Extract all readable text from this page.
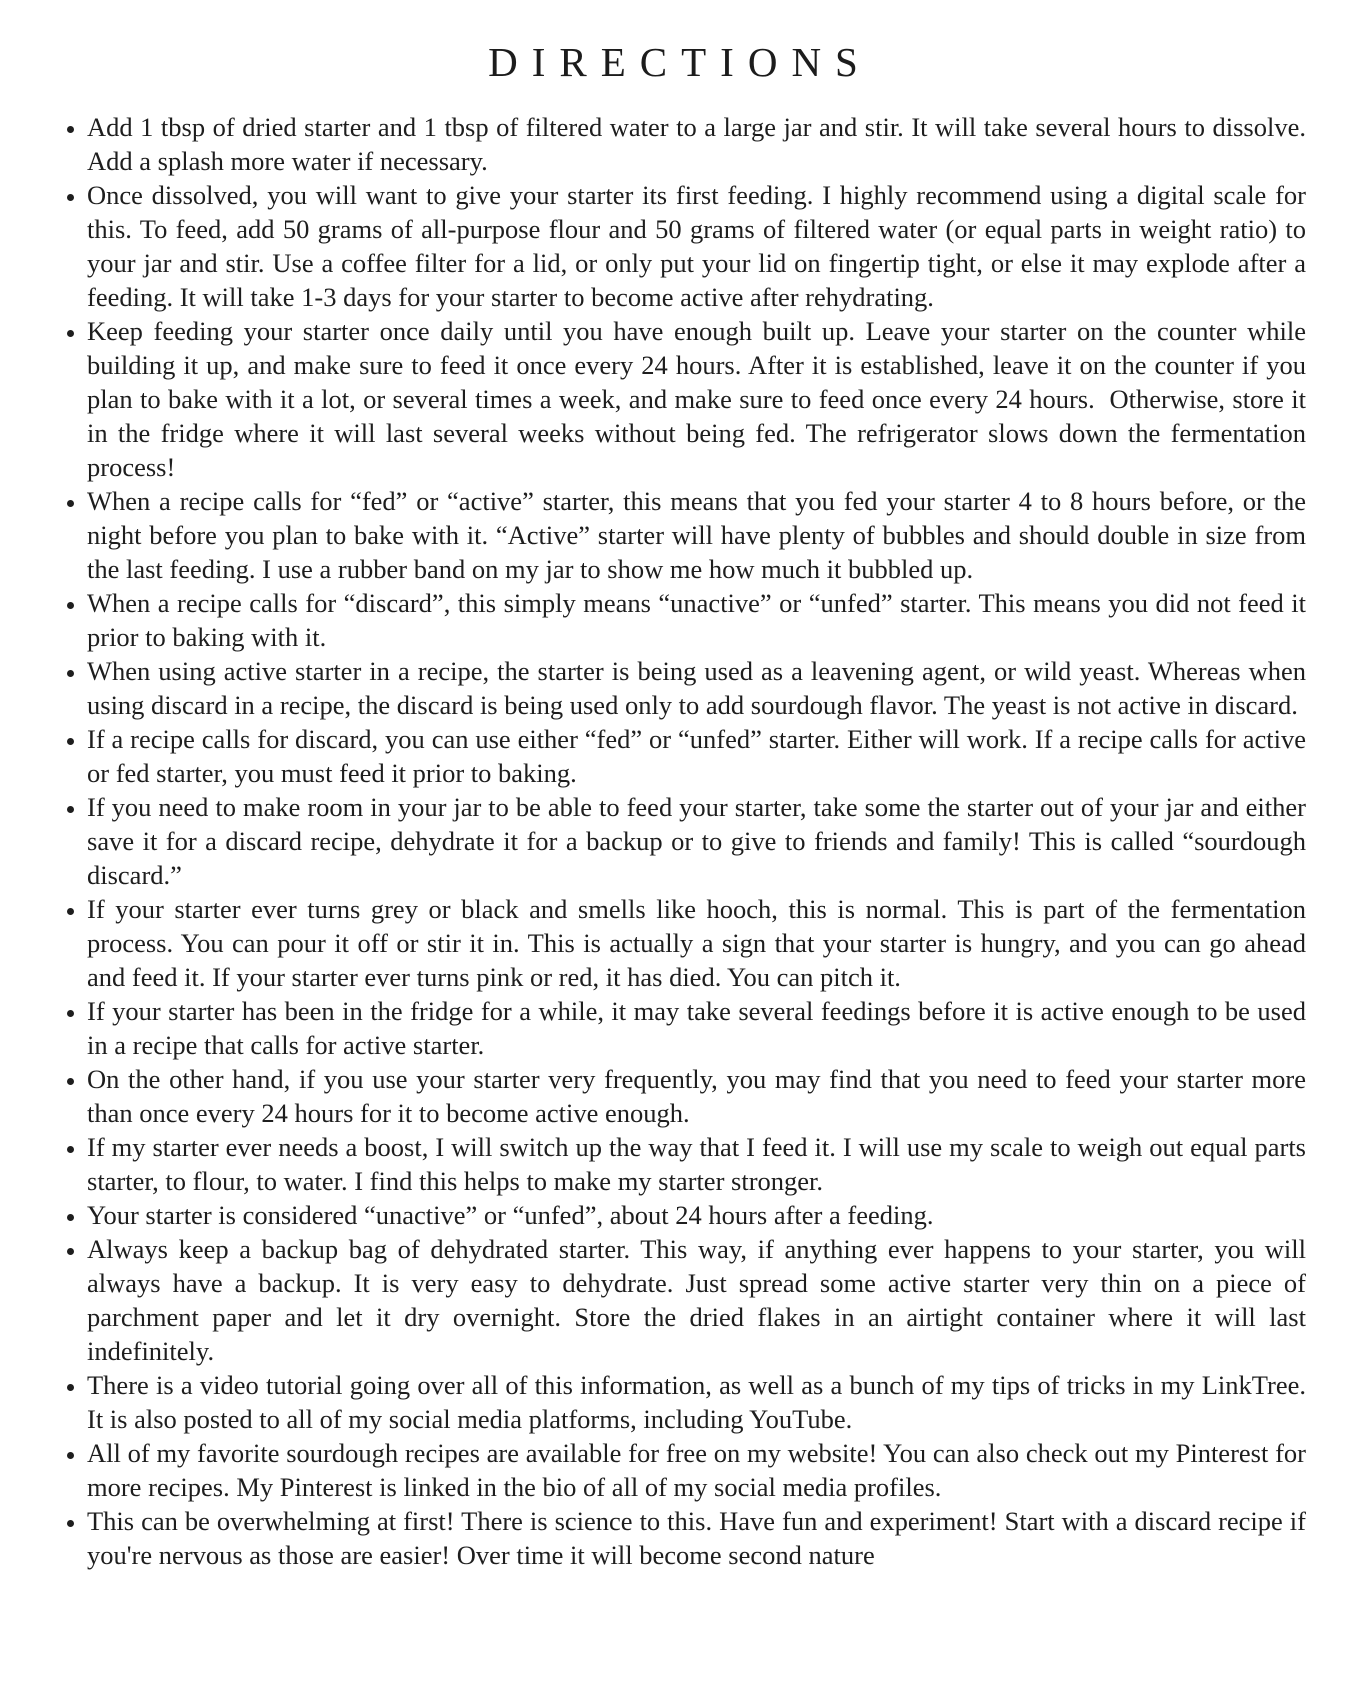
DIRECTIONS
• Add 1 tbsp of dried starter and 1 tbsp of filtered water to a large jar and stir. It will take several hours to dissolve. Add a splash more water if necessary.
• Once dissolved, you will want to give your starter its first feeding. I highly recommend using a digital scale for this. To feed, add 50 grams of all-purpose flour and 50 grams of filtered water (or equal parts in weight ratio) to your jar and stir. Use a coffee filter for a lid, or only put your lid on fingertip tight, or else it may explode after a feeding. It will take 1-3 days for your starter to become active after rehydrating.
• Keep feeding your starter once daily until you have enough built up. Leave your starter on the counter while building it up, and make sure to feed it once every 24 hours. After it is established, leave it on the counter if you plan to bake with it a lot, or several times a week, and make sure to feed once every 24 hours.  Otherwise, store it in the fridge where it will last several weeks without being fed. The refrigerator slows down the fermentation process!
• When a recipe calls for “fed” or “active” starter, this means that you fed your starter 4 to 8 hours before, or the night before you plan to bake with it. “Active” starter will have plenty of bubbles and should double in size from the last feeding. I use a rubber band on my jar to show me how much it bubbled up.
• When a recipe calls for “discard”, this simply means “unactive” or “unfed” starter. This means you did not feed it prior to baking with it.
• When using active starter in a recipe, the starter is being used as a leavening agent, or wild yeast. Whereas when using discard in a recipe, the discard is being used only to add sourdough flavor. The yeast is not active in discard.
• If a recipe calls for discard, you can use either “fed” or “unfed” starter. Either will work. If a recipe calls for active or fed starter, you must feed it prior to baking.
• If you need to make room in your jar to be able to feed your starter, take some the starter out of your jar and either save it for a discard recipe, dehydrate it for a backup or to give to friends and family! This is called “sourdough discard.”
• If your starter ever turns grey or black and smells like hooch, this is normal. This is part of the fermentation process. You can pour it off or stir it in. This is actually a sign that your starter is hungry, and you can go ahead and feed it. If your starter ever turns pink or red, it has died. You can pitch it.
• If your starter has been in the fridge for a while, it may take several feedings before it is active enough to be used in a recipe that calls for active starter.
• On the other hand, if you use your starter very frequently, you may find that you need to feed your starter more than once every 24 hours for it to become active enough.
• If my starter ever needs a boost, I will switch up the way that I feed it. I will use my scale to weigh out equal parts starter, to flour, to water. I find this helps to make my starter stronger.
• Your starter is considered “unactive” or “unfed”, about 24 hours after a feeding.
• Always keep a backup bag of dehydrated starter. This way, if anything ever happens to your starter, you will always have a backup. It is very easy to dehydrate. Just spread some active starter very thin on a piece of parchment paper and let it dry overnight. Store the dried flakes in an airtight container where it will last indefinitely.
• There is a video tutorial going over all of this information, as well as a bunch of my tips of tricks in my LinkTree. It is also posted to all of my social media platforms, including YouTube.
• All of my favorite sourdough recipes are available for free on my website! You can also check out my Pinterest for more recipes. My Pinterest is linked in the bio of all of my social media profiles.
• This can be overwhelming at first! There is science to this. Have fun and experiment! Start with a discard recipe if you're nervous as those are easier! Over time it will become second nature
